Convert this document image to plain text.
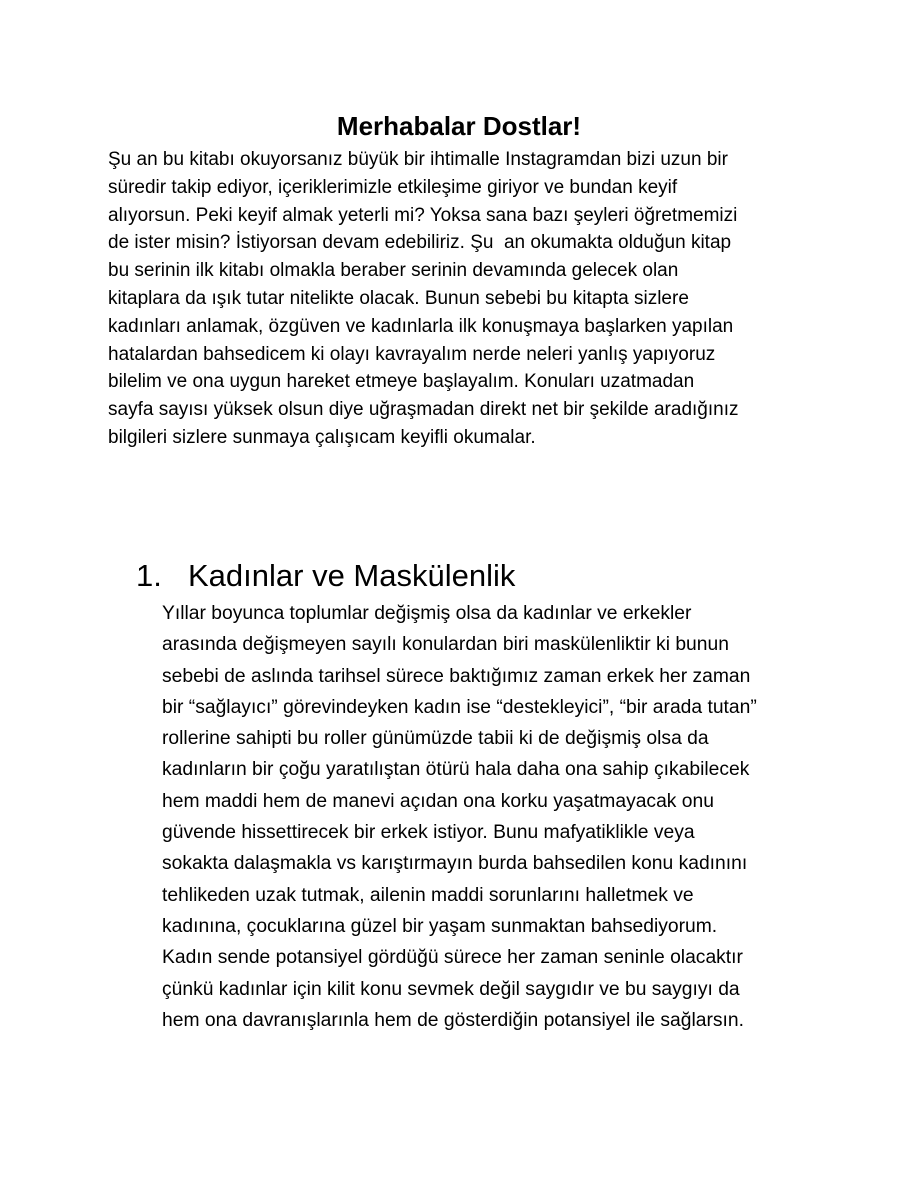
Merhabalar Dostlar!
Şu an bu kitabı okuyorsanız büyük bir ihtimalle Instagramdan bizi uzun bir
süredir takip ediyor, içeriklerimizle etkileşime giriyor ve bundan keyif
alıyorsun. Peki keyif almak yeterli mi? Yoksa sana bazı şeyleri öğretmemizi
de ister misin? İstiyorsan devam edebiliriz. Şu  an okumakta olduğun kitap
bu serinin ilk kitabı olmakla beraber serinin devamında gelecek olan
kitaplara da ışık tutar nitelikte olacak. Bunun sebebi bu kitapta sizlere
kadınları anlamak, özgüven ve kadınlarla ilk konuşmaya başlarken yapılan
hatalardan bahsedicem ki olayı kavrayalım nerde neleri yanlış yapıyoruz
bilelim ve ona uygun hareket etmeye başlayalım. Konuları uzatmadan
sayfa sayısı yüksek olsun diye uğraşmadan direkt net bir şekilde aradığınız
bilgileri sizlere sunmaya çalışıcam keyifli okumalar.
1. Kadınlar ve Maskülenlik
Yıllar boyunca toplumlar değişmiş olsa da kadınlar ve erkekler
arasında değişmeyen sayılı konulardan biri maskülenliktir ki bunun
sebebi de aslında tarihsel sürece baktığımız zaman erkek her zaman
bir “sağlayıcı” görevindeyken kadın ise “destekleyici”, “bir arada tutan”
rollerine sahipti bu roller günümüzde tabii ki de değişmiş olsa da
kadınların bir çoğu yaratılıştan ötürü hala daha ona sahip çıkabilecek
hem maddi hem de manevi açıdan ona korku yaşatmayacak onu
güvende hissettirecek bir erkek istiyor. Bunu mafyatiklikle veya
sokakta dalaşmakla vs karıştırmayın burda bahsedilen konu kadınını
tehlikeden uzak tutmak, ailenin maddi sorunlarını halletmek ve
kadınına, çocuklarına güzel bir yaşam sunmaktan bahsediyorum.
Kadın sende potansiyel gördüğü sürece her zaman seninle olacaktır
çünkü kadınlar için kilit konu sevmek değil saygıdır ve bu saygıyı da
hem ona davranışlarınla hem de gösterdiğin potansiyel ile sağlarsın.
